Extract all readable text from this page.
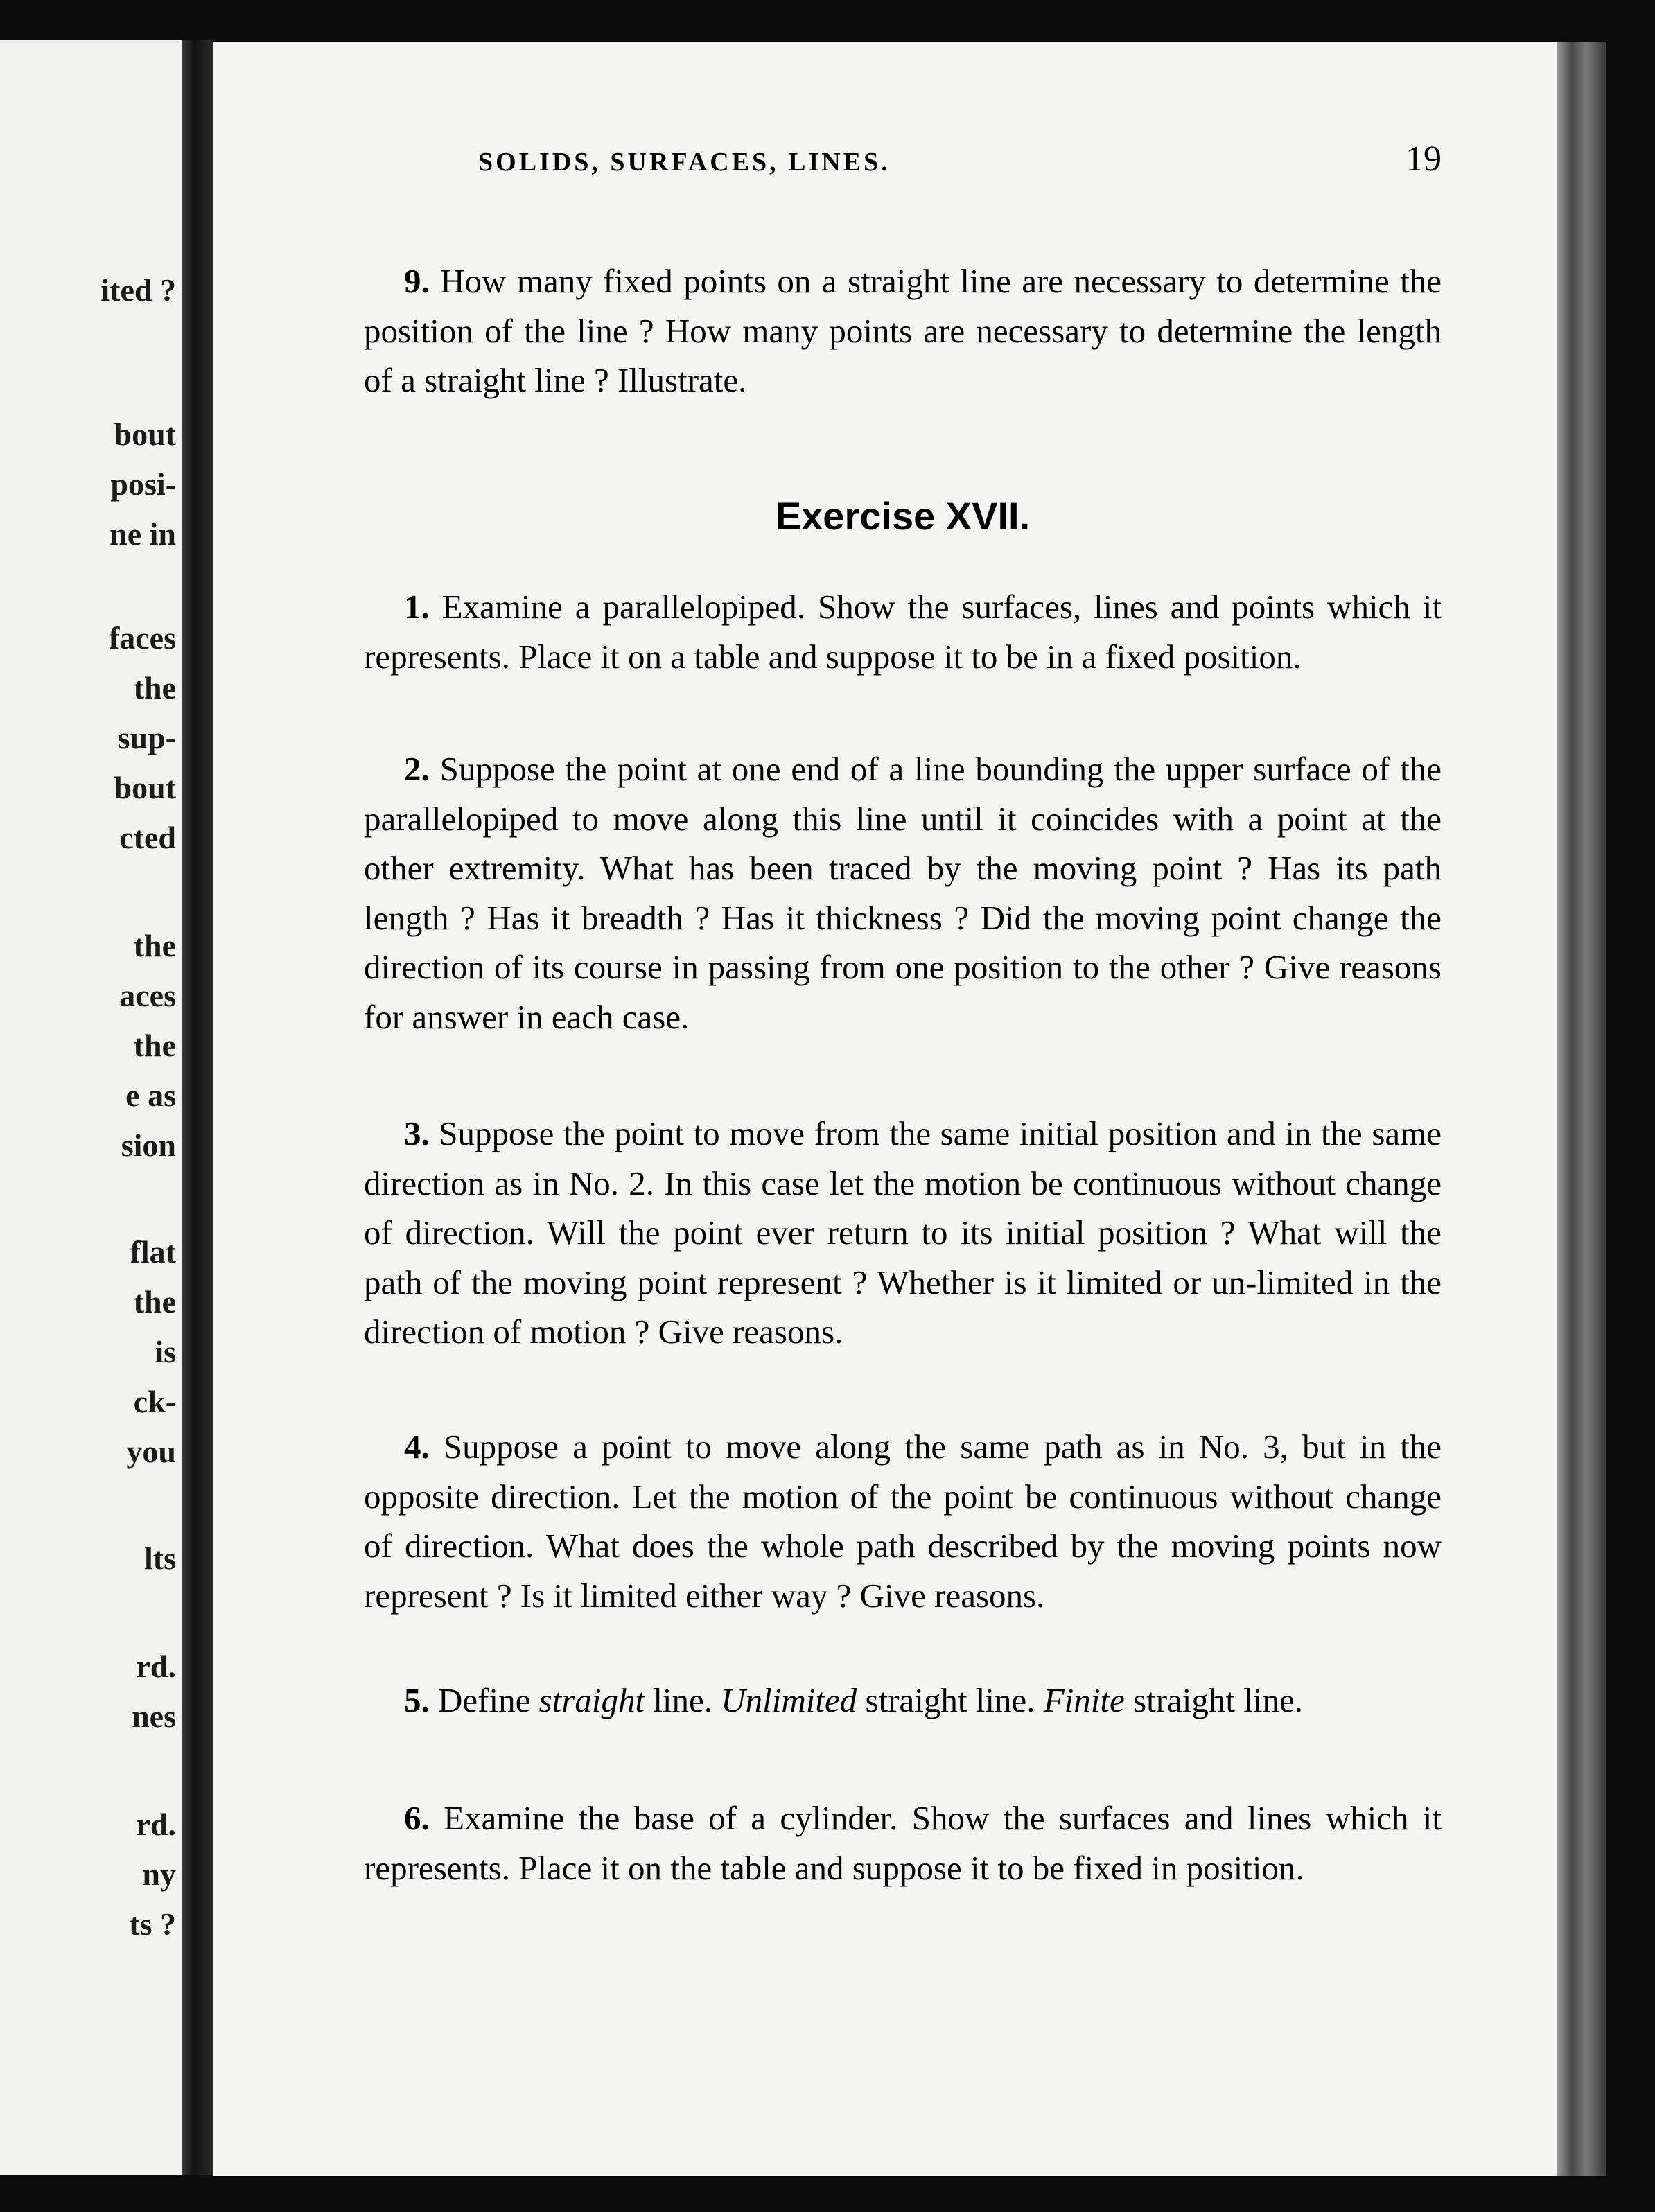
ited ?
bout
posi-
ne in
faces
the
sup-
bout
cted
the
aces
the
e as
sion
flat
the
is
ck-
you
lts
rd.
nes
rd.
ny
ts ?
SOLIDS, SURFACES, LINES.	19

9. How many fixed points on a straight line are necessary to determine the position of the line ? How many points are necessary to determine the length of a straight line ? Illustrate.

Exercise XVII.

1. Examine a parallelopiped. Show the surfaces, lines and points which it represents. Place it on a table and suppose it to be in a fixed position.

2. Suppose the point at one end of a line bounding the upper surface of the parallelopiped to move along this line until it coincides with a point at the other extremity. What has been traced by the moving point ? Has its path length ? Has it breadth ? Has it thickness ? Did the moving point change the direction of its course in passing from one position to the other ? Give reasons for answer in each case.

3. Suppose the point to move from the same initial position and in the same direction as in No. 2. In this case let the motion be continuous without change of direction. Will the point ever return to its initial position ? What will the path of the moving point represent ? Whether is it limited or un-limited in the direction of motion ? Give reasons.

4. Suppose a point to move along the same path as in No. 3, but in the opposite direction. Let the motion of the point be continuous without change of direction. What does the whole path described by the moving points now represent ? Is it limited either way ? Give reasons.

5. Define straight line. Unlimited straight line. Finite straight line.

6. Examine the base of a cylinder. Show the surfaces and lines which it represents. Place it on the table and suppose it to be fixed in position.
